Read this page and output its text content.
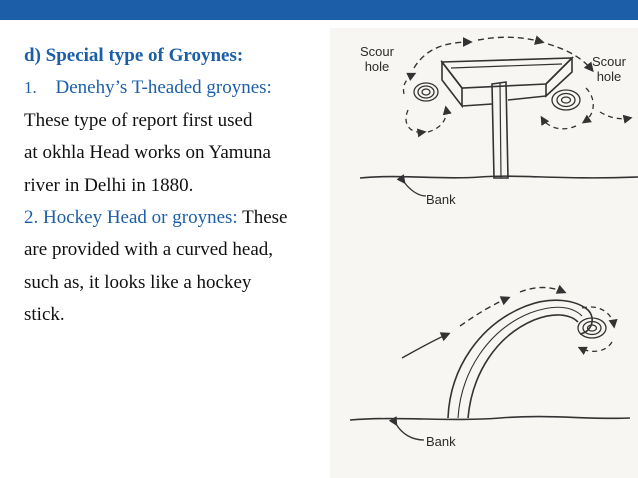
d) Special type of Groynes:
1. Denehy’s T-headed groynes:
These type of report first used
at okhla Head works on Yamuna
river in Delhi in 1880.
2. Hockey Head or groynes: These
are provided with a curved head,
such as, it looks like a hockey
stick.
Scour
hole	Scour
hole
Bank
Bank
